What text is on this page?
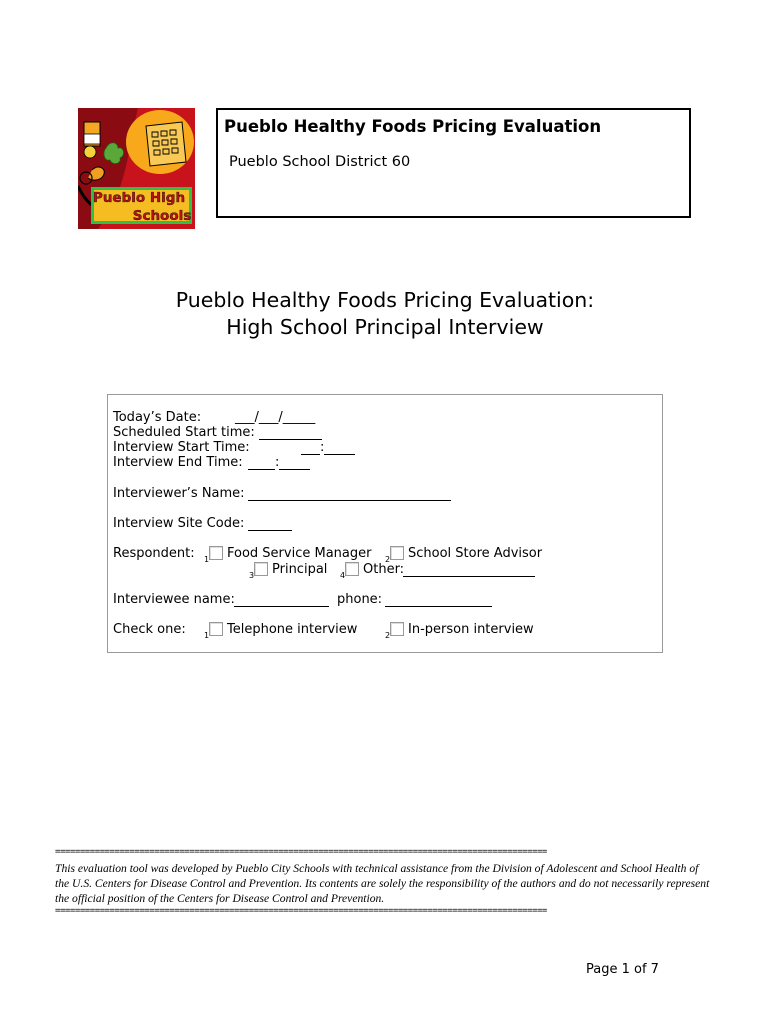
Pueblo High
Schools
Pueblo Healthy Foods Pricing Evaluation
Pueblo School District 60
Pueblo Healthy Foods Pricing Evaluation:
High School Principal Interview
Today’s Date:	___/___/_____
Scheduled Start time:
Interview Start Time:	:
Interview End Time: :
Interviewer’s Name:
Interview Site Code:
Respondent: 1 Food Service Manager 2 School Store Advisor
3 Principal 4 Other:
Interviewee name:	phone:
Check one: 1 Telephone interview	2 In-person interview
===================================================================================================
This evaluation tool was developed by Pueblo City Schools with technical assistance from the Division of Adolescent and School Health of the U.S. Centers for Disease Control and Prevention. Its contents are solely the responsibility of the authors and do not necessarily represent the official position of the Centers for Disease Control and Prevention.
===================================================================================================
Page 1 of 7
